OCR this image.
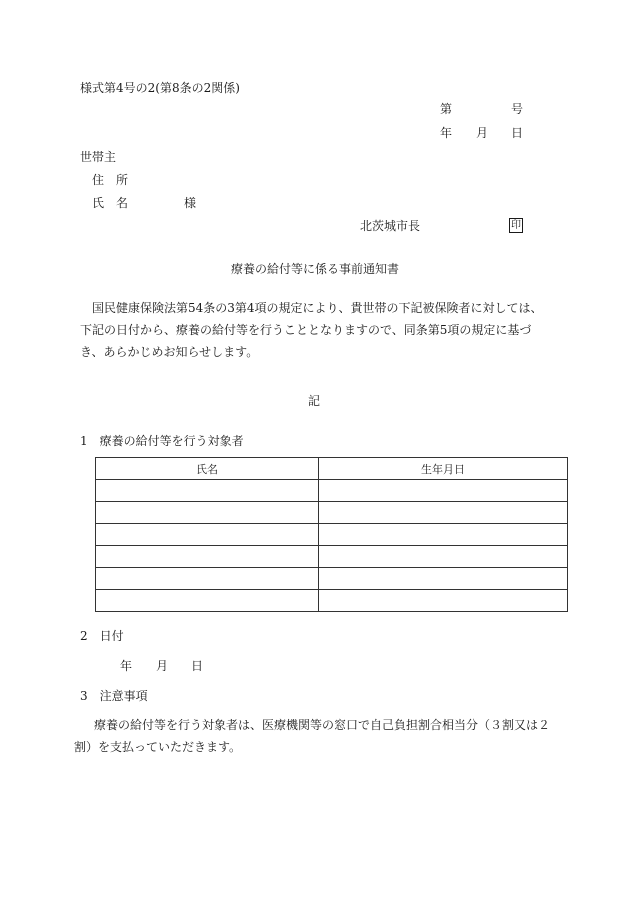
様式第4号の2(第8条の2関係)
第	号
年 月 日
世帯主
住　所
氏　名	様
北茨城市長	印
療養の給付等に係る事前通知書
国民健康保険法第54条の3第4項の規定により、貴世帯の下記被保険者に対しては、下記の日付から、療養の給付等を行うこととなりますので、同条第5項の規定に基づき、あらかじめお知らせします。
記
1　療養の給付等を行う対象者
氏名	生年月日

2　日付
年 月 日
3　注意事項
療養の給付等を行う対象者は、医療機関等の窓口で自己負担割合相当分（３割又は２割）を支払っていただきます。
